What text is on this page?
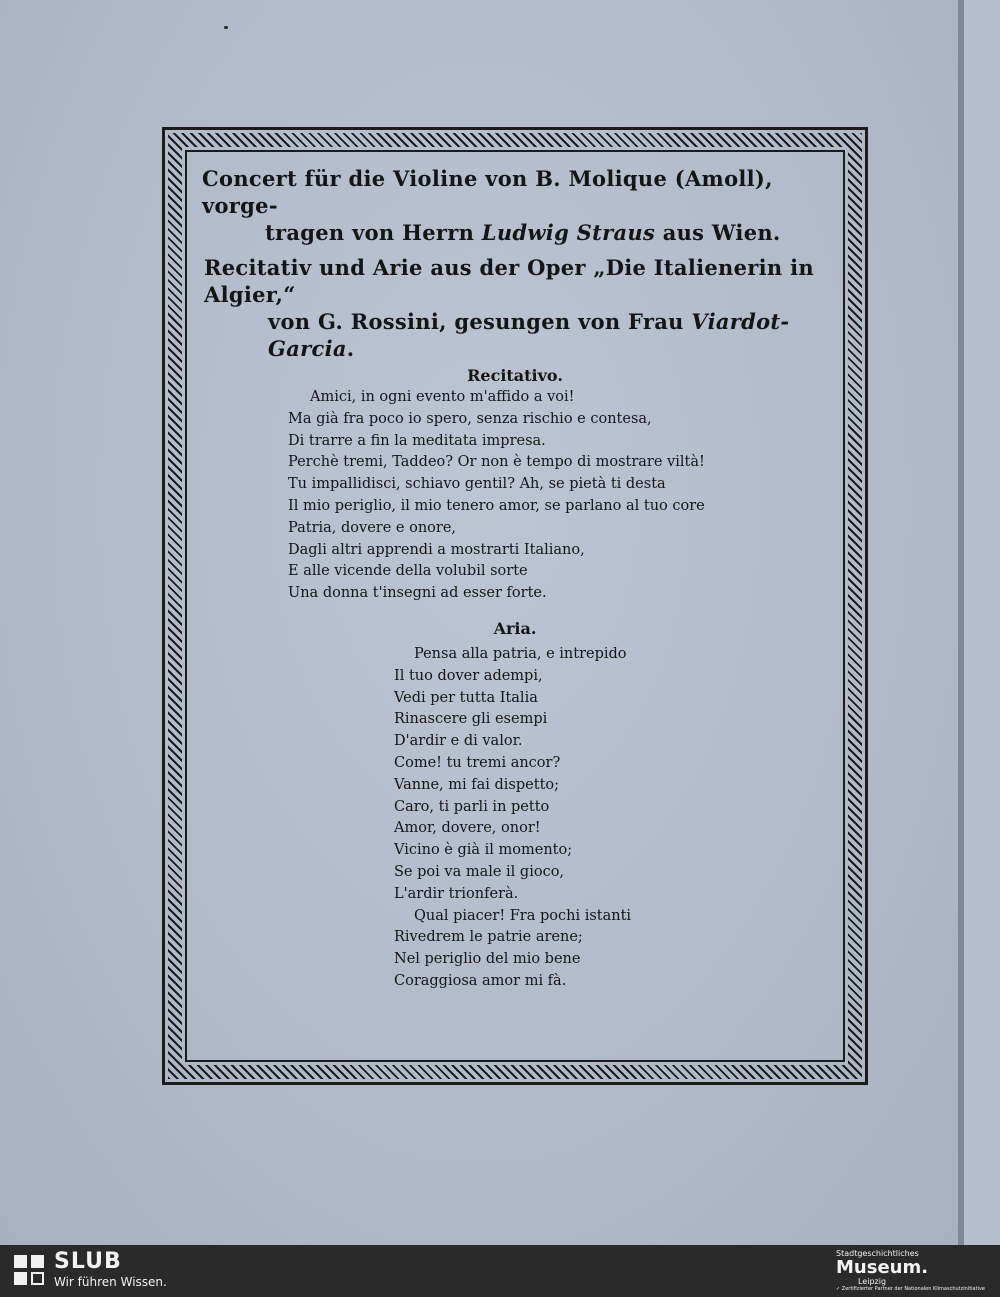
Concert für die Violine von B. Molique (Amoll), vorge-
tragen von Herrn Ludwig Straus aus Wien.

Recitativ und Arie aus der Oper „Die Italienerin in Algier,“
von G. Rossini, gesungen von Frau Viardot-Garcia.

Recitativo.
Amici, in ogni evento m'affido a voi!
Ma già fra poco io spero, senza rischio e contesa,
Di trarre a fin la meditata impresa.
Perchè tremi, Taddeo? Or non è tempo di mostrare viltà!
Tu impallidisci, schiavo gentil? Ah, se pietà ti desta
Il mio periglio, il mio tenero amor, se parlano al tuo core
Patria, dovere e onore,
Dagli altri apprendi a mostrarti Italiano,
E alle vicende della volubil sorte
Una donna t'insegni ad esser forte.
Aria.
Pensa alla patria, e intrepido
Il tuo dover adempi,
Vedi per tutta Italia
Rinascere gli esempi
D'ardir e di valor.
Come! tu tremi ancor?
Vanne, mi fai dispetto;
Caro, ti parli in petto
Amor, dovere, onor!
Vicino è già il momento;
Se poi va male il gioco,
L'ardir trionferà.
Qual piacer! Fra pochi istanti
Rivedrem le patrie arene;
Nel periglio del mio bene
Coraggiosa amor mi fà.
SLUB
Wir führen Wissen.
Stadtgeschichtliches
Museum.
Leipzig
✓ Zertifizierter Partner der Nationalen Klimaschutzinitiative
